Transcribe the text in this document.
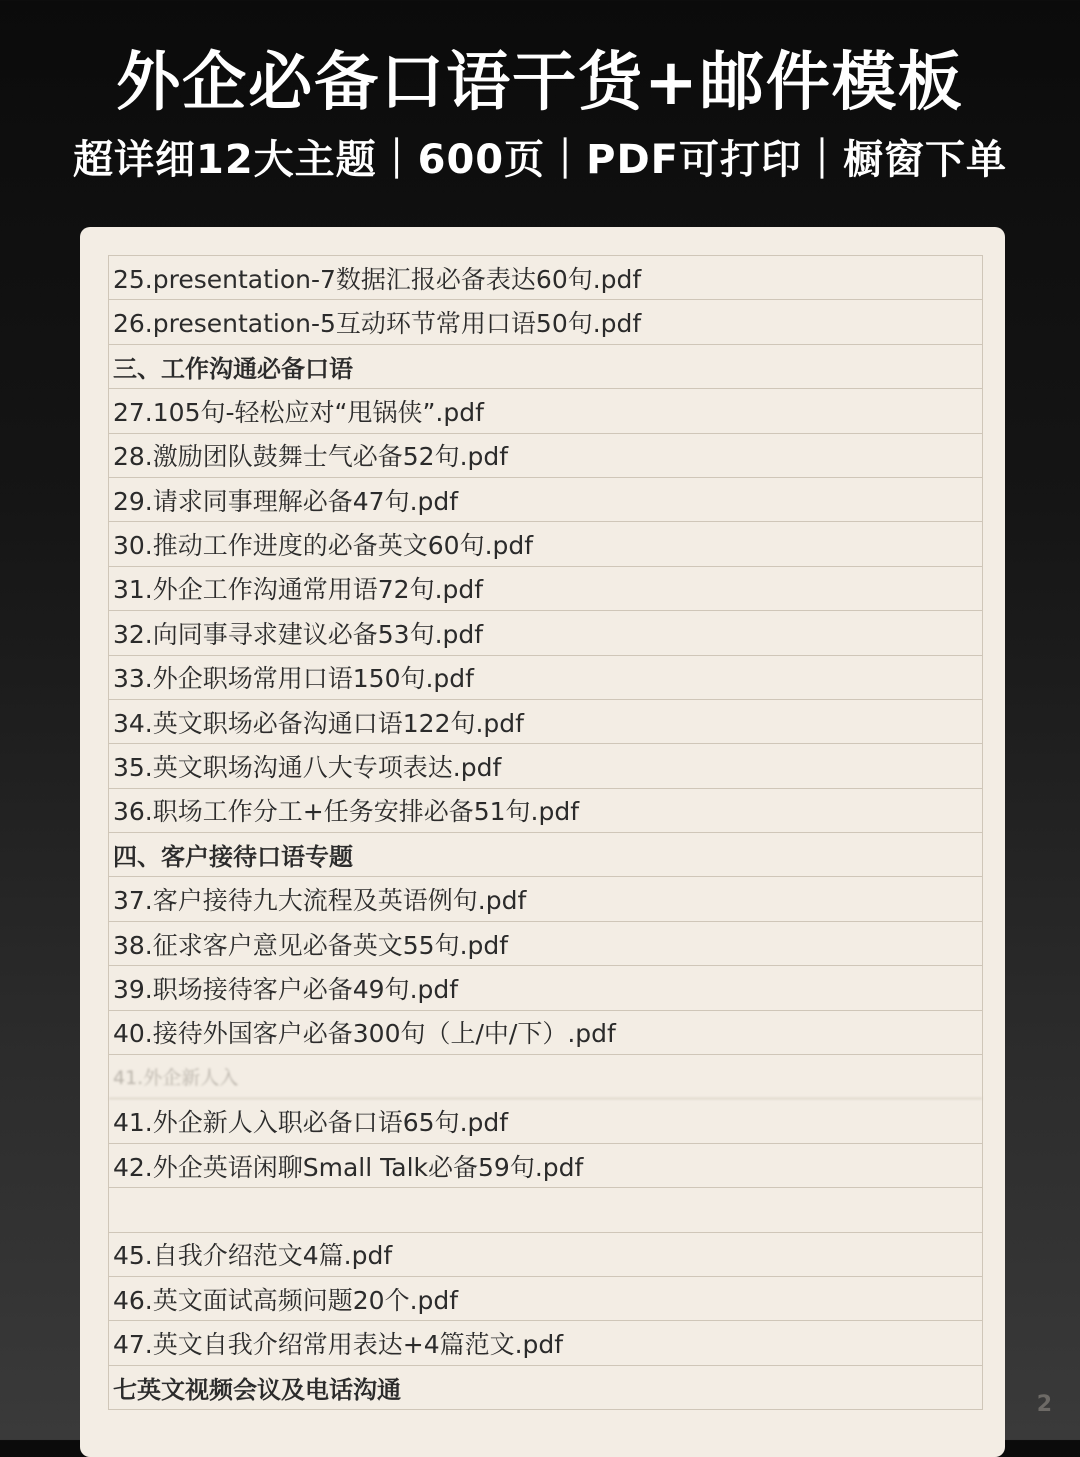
外企必备口语干货+邮件模板
超详细12大主题｜600页｜PDF可打印｜橱窗下单
25.presentation-7数据汇报必备表达60句.pdf
26.presentation-5互动环节常用口语50句.pdf
三、工作沟通必备口语
27.105句-轻松应对“甩锅侠”.pdf
28.激励团队鼓舞士气必备52句.pdf
29.请求同事理解必备47句.pdf
30.推动工作进度的必备英文60句.pdf
31.外企工作沟通常用语72句.pdf
32.向同事寻求建议必备53句.pdf
33.外企职场常用口语150句.pdf
34.英文职场必备沟通口语122句.pdf
35.英文职场沟通八大专项表达.pdf
36.职场工作分工+任务安排必备51句.pdf
四、客户接待口语专题
37.客户接待九大流程及英语例句.pdf
38.征求客户意见必备英文55句.pdf
39.职场接待客户必备49句.pdf
40.接待外国客户必备300句（上/中/下）.pdf
41.外企新人入
41.外企新人入职必备口语65句.pdf
42.外企英语闲聊Small Talk必备59句.pdf
45.自我介绍范文4篇.pdf
46.英文面试高频问题20个.pdf
47.英文自我介绍常用表达+4篇范文.pdf
七英文视频会议及电话沟通
2
